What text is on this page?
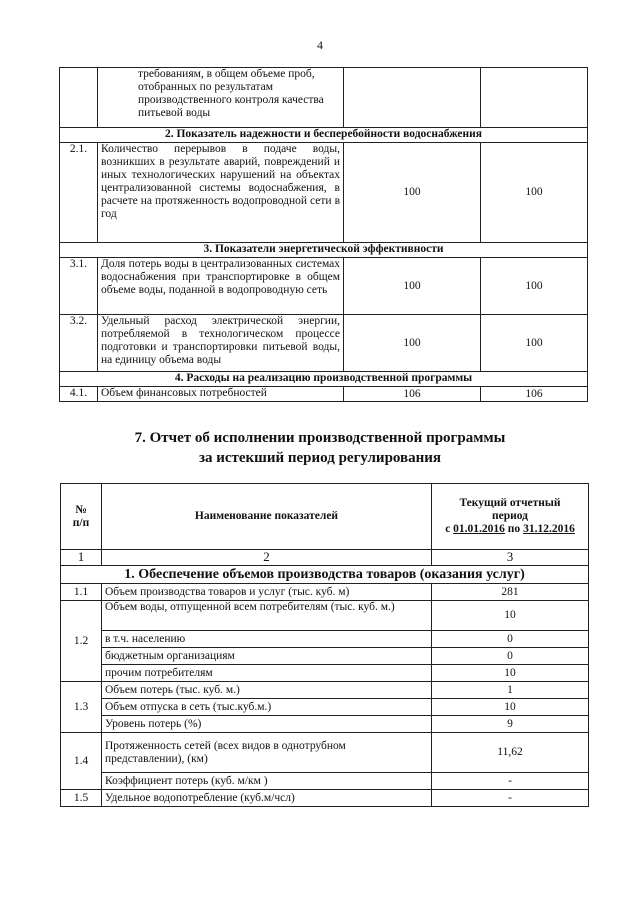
4
	требованиям, в общем объеме проб, отобранных по результатам производственного контроля качества питьевой воды		
2. Показатель надежности и бесперебойности водоснабжения			
2.1.	Количество перерывов в подаче воды, возникших в результате аварий, повреждений и иных технологических нарушений на объектах централизованной системы водоснабжения, в расчете на протяженность водопроводной сети в год	100	100
3. Показатели энергетической эффективности			
3.1.	Доля потерь воды в централизованных системах водоснабжения при транспортировке в общем объеме воды, поданной в водопроводную сеть	100	100
3.2.	Удельный расход электрической энергии, потребляемой в технологическом процессе подготовки и транспортировки питьевой воды, на единицу объема воды	100	100
4. Расходы на реализацию производственной программы			
4.1.	Объем финансовых потребностей	106	106
7. Отчет об исполнении производственной программы
за истекший период регулирования
№ п/п	Наименование показателей	Текущий отчетный период
с 01.01.2016 по 31.12.2016

1	2	3
1. Обеспечение объемов производства товаров (оказания услуг)		
1.1	Объем производства товаров и услуг (тыс. куб. м)	281
1.2	Объем воды, отпущенной всем потребителям (тыс. куб. м.)	10
	в т.ч. населению	0
	бюджетным организациям	0
	прочим потребителям	10
1.3	Объем потерь (тыс. куб. м.)	1
	Объем отпуска в сеть (тыс.куб.м.)	10
	Уровень потерь (%)	9
1.4	Протяженность сетей (всех видов в однотрубном представлении), (км)	11,62
	Коэффициент потерь (куб. м/км )	-
1.5	Удельное водопотребление (куб.м/чсл)	-
